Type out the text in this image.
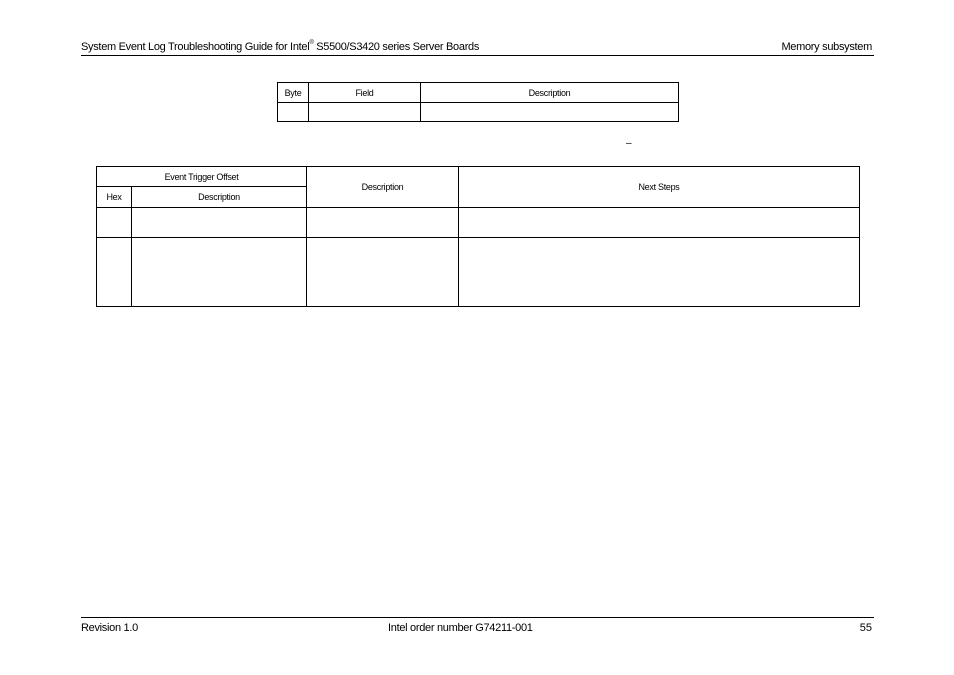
System Event Log Troubleshooting Guide for Intel® S5500/S3420 series Server Boards	Memory subsystem
Byte	Field	Description

–
Event Trigger Offset		Description	Next Steps
Hex	Description		

Revision 1.0	Intel order number G74211-001	55
